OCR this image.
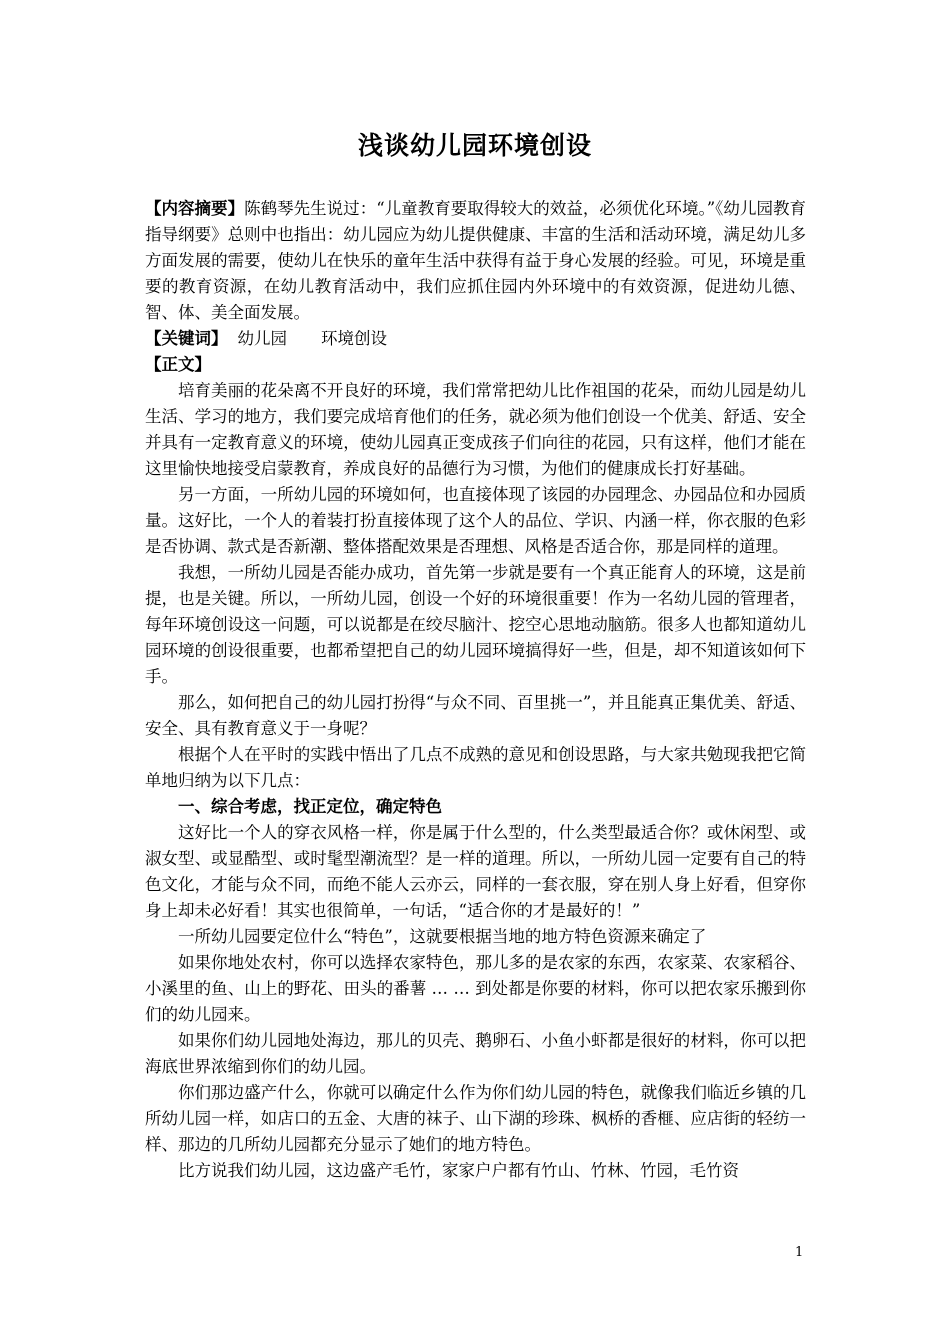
浅谈幼儿园环境创设

【内容摘要】陈鹤琴先生说过：“儿童教育要取得较大的效益，必须优化环境。”《幼儿园教育指导纲要》总则中也指出：幼儿园应为幼儿提供健康、丰富的生活和活动环境，满足幼儿多方面发展的需要，使幼儿在快乐的童年生活中获得有益于身心发展的经验。可见，环境是重要的教育资源，在幼儿教育活动中，我们应抓住园内外环境中的有效资源，促进幼儿德、智、体、美全面发展。

【关键词】 幼儿园 环境创设

【正文】

培育美丽的花朵离不开良好的环境，我们常常把幼儿比作祖国的花朵，而幼儿园是幼儿生活、学习的地方，我们要完成培育他们的任务，就必须为他们创设一个优美、舒适、安全并具有一定教育意义的环境，使幼儿园真正变成孩子们向往的花园，只有这样，他们才能在这里愉快地接受启蒙教育，养成良好的品德行为习惯，为他们的健康成长打好基础。

另一方面，一所幼儿园的环境如何，也直接体现了该园的办园理念、办园品位和办园质量。这好比，一个人的着装打扮直接体现了这个人的品位、学识、内涵一样，你衣服的色彩是否协调、款式是否新潮、整体搭配效果是否理想、风格是否适合你，那是同样的道理。

我想，一所幼儿园是否能办成功，首先第一步就是要有一个真正能育人的环境，这是前提，也是关键。所以，一所幼儿园，创设一个好的环境很重要！作为一名幼儿园的管理者，每年环境创设这一问题，可以说都是在绞尽脑汁、挖空心思地动脑筋。很多人也都知道幼儿园环境的创设很重要，也都希望把自己的幼儿园环境搞得好一些，但是，却不知道该如何下手。

那么，如何把自己的幼儿园打扮得“与众不同、百里挑一”，并且能真正集优美、舒适、安全、具有教育意义于一身呢？

根据个人在平时的实践中悟出了几点不成熟的意见和创设思路，与大家共勉现我把它简单地归纳为以下几点：

一、综合考虑，找正定位，确定特色

这好比一个人的穿衣风格一样，你是属于什么型的，什么类型最适合你？或休闲型、或淑女型、或显酷型、或时髦型潮流型？是一样的道理。所以，一所幼儿园一定要有自己的特色文化，才能与众不同，而绝不能人云亦云，同样的一套衣服，穿在别人身上好看，但穿你身上却未必好看！其实也很简单，一句话，“适合你的才是最好的！”

一所幼儿园要定位什么“特色”，这就要根据当地的地方特色资源来确定了

如果你地处农村，你可以选择农家特色，那儿多的是农家的东西，农家菜、农家稻谷、小溪里的鱼、山上的野花、田头的番薯 … … 到处都是你要的材料，你可以把农家乐搬到你们的幼儿园来。

如果你们幼儿园地处海边，那儿的贝壳、鹅卵石、小鱼小虾都是很好的材料，你可以把海底世界浓缩到你们的幼儿园。

你们那边盛产什么，你就可以确定什么作为你们幼儿园的特色，就像我们临近乡镇的几所幼儿园一样，如店口的五金、大唐的袜子、山下湖的珍珠、枫桥的香榧、应店街的轻纺一样、那边的几所幼儿园都充分显示了她们的地方特色。

比方说我们幼儿园，这边盛产毛竹，家家户户都有竹山、竹林、竹园，毛竹资

1
